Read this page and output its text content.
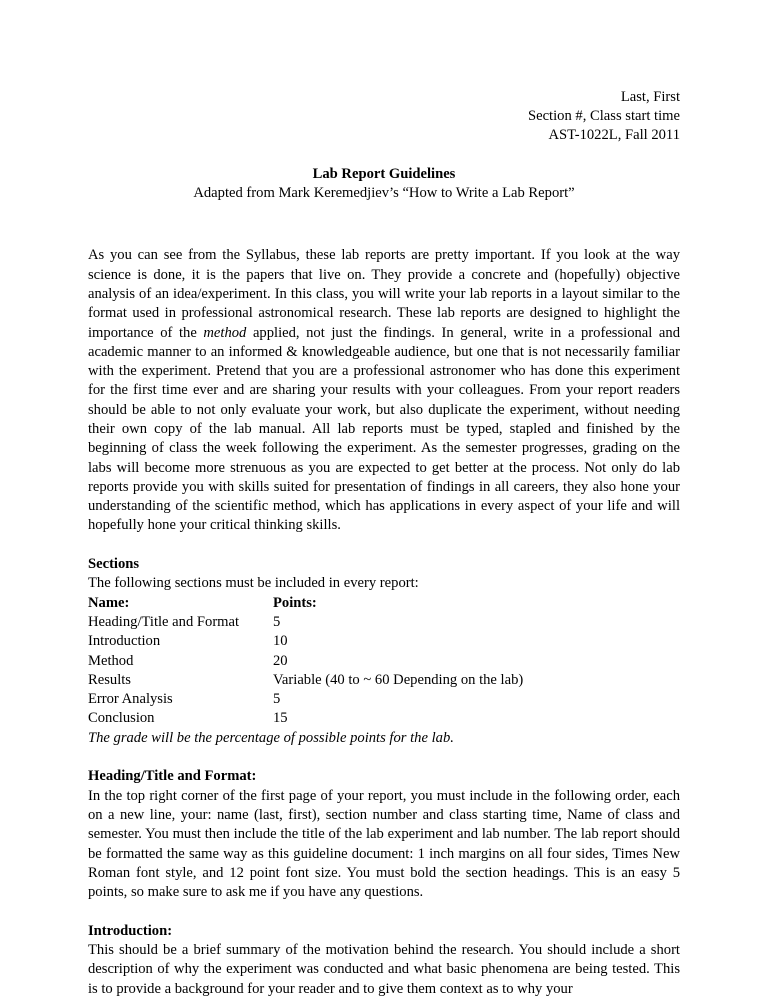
Last, First
Section #, Class start time
AST-1022L, Fall 2011
Lab Report Guidelines
Adapted from Mark Keremedjiev’s “How to Write a Lab Report”

As you can see from the Syllabus, these lab reports are pretty important. If you look at the way science is done, it is the papers that live on. They provide a concrete and (hopefully) objective analysis of an idea/experiment. In this class, you will write your lab reports in a layout similar to the format used in professional astronomical research. These lab reports are designed to highlight the importance of the method applied, not just the findings. In general, write in a professional and academic manner to an informed & knowledgeable audience, but one that is not necessarily familiar with the experiment. Pretend that you are a professional astronomer who has done this experiment for the first time ever and are sharing your results with your colleagues. From your report readers should be able to not only evaluate your work, but also duplicate the experiment, without needing their own copy of the lab manual. All lab reports must be typed, stapled and finished by the beginning of class the week following the experiment. As the semester progresses, grading on the labs will become more strenuous as you are expected to get better at the process. Not only do lab reports provide you with skills suited for presentation of findings in all careers, they also hone your understanding of the scientific method, which has applications in every aspect of your life and will hopefully hone your critical thinking skills.

Sections
The following sections must be included in every report:
Name:	Points:
Heading/Title and Format	5
Introduction	10
Method	20
Results	Variable (40 to ~ 60 Depending on the lab)
Error Analysis	5
Conclusion	15
The grade will be the percentage of possible points for the lab.
Heading/Title and Format:

In the top right corner of the first page of your report, you must include in the following order, each on a new line, your: name (last, first), section number and class starting time, Name of class and semester. You must then include the title of the lab experiment and lab number. The lab report should be formatted the same way as this guideline document: 1 inch margins on all four sides, Times New Roman font style, and 12 point font size. You must bold the section headings. This is an easy 5 points, so make sure to ask me if you have any questions.

Introduction:

This should be a brief summary of the motivation behind the research. You should include a short description of why the experiment was conducted and what basic phenomena are being tested. This is to provide a background for your reader and to give them context as to why your
